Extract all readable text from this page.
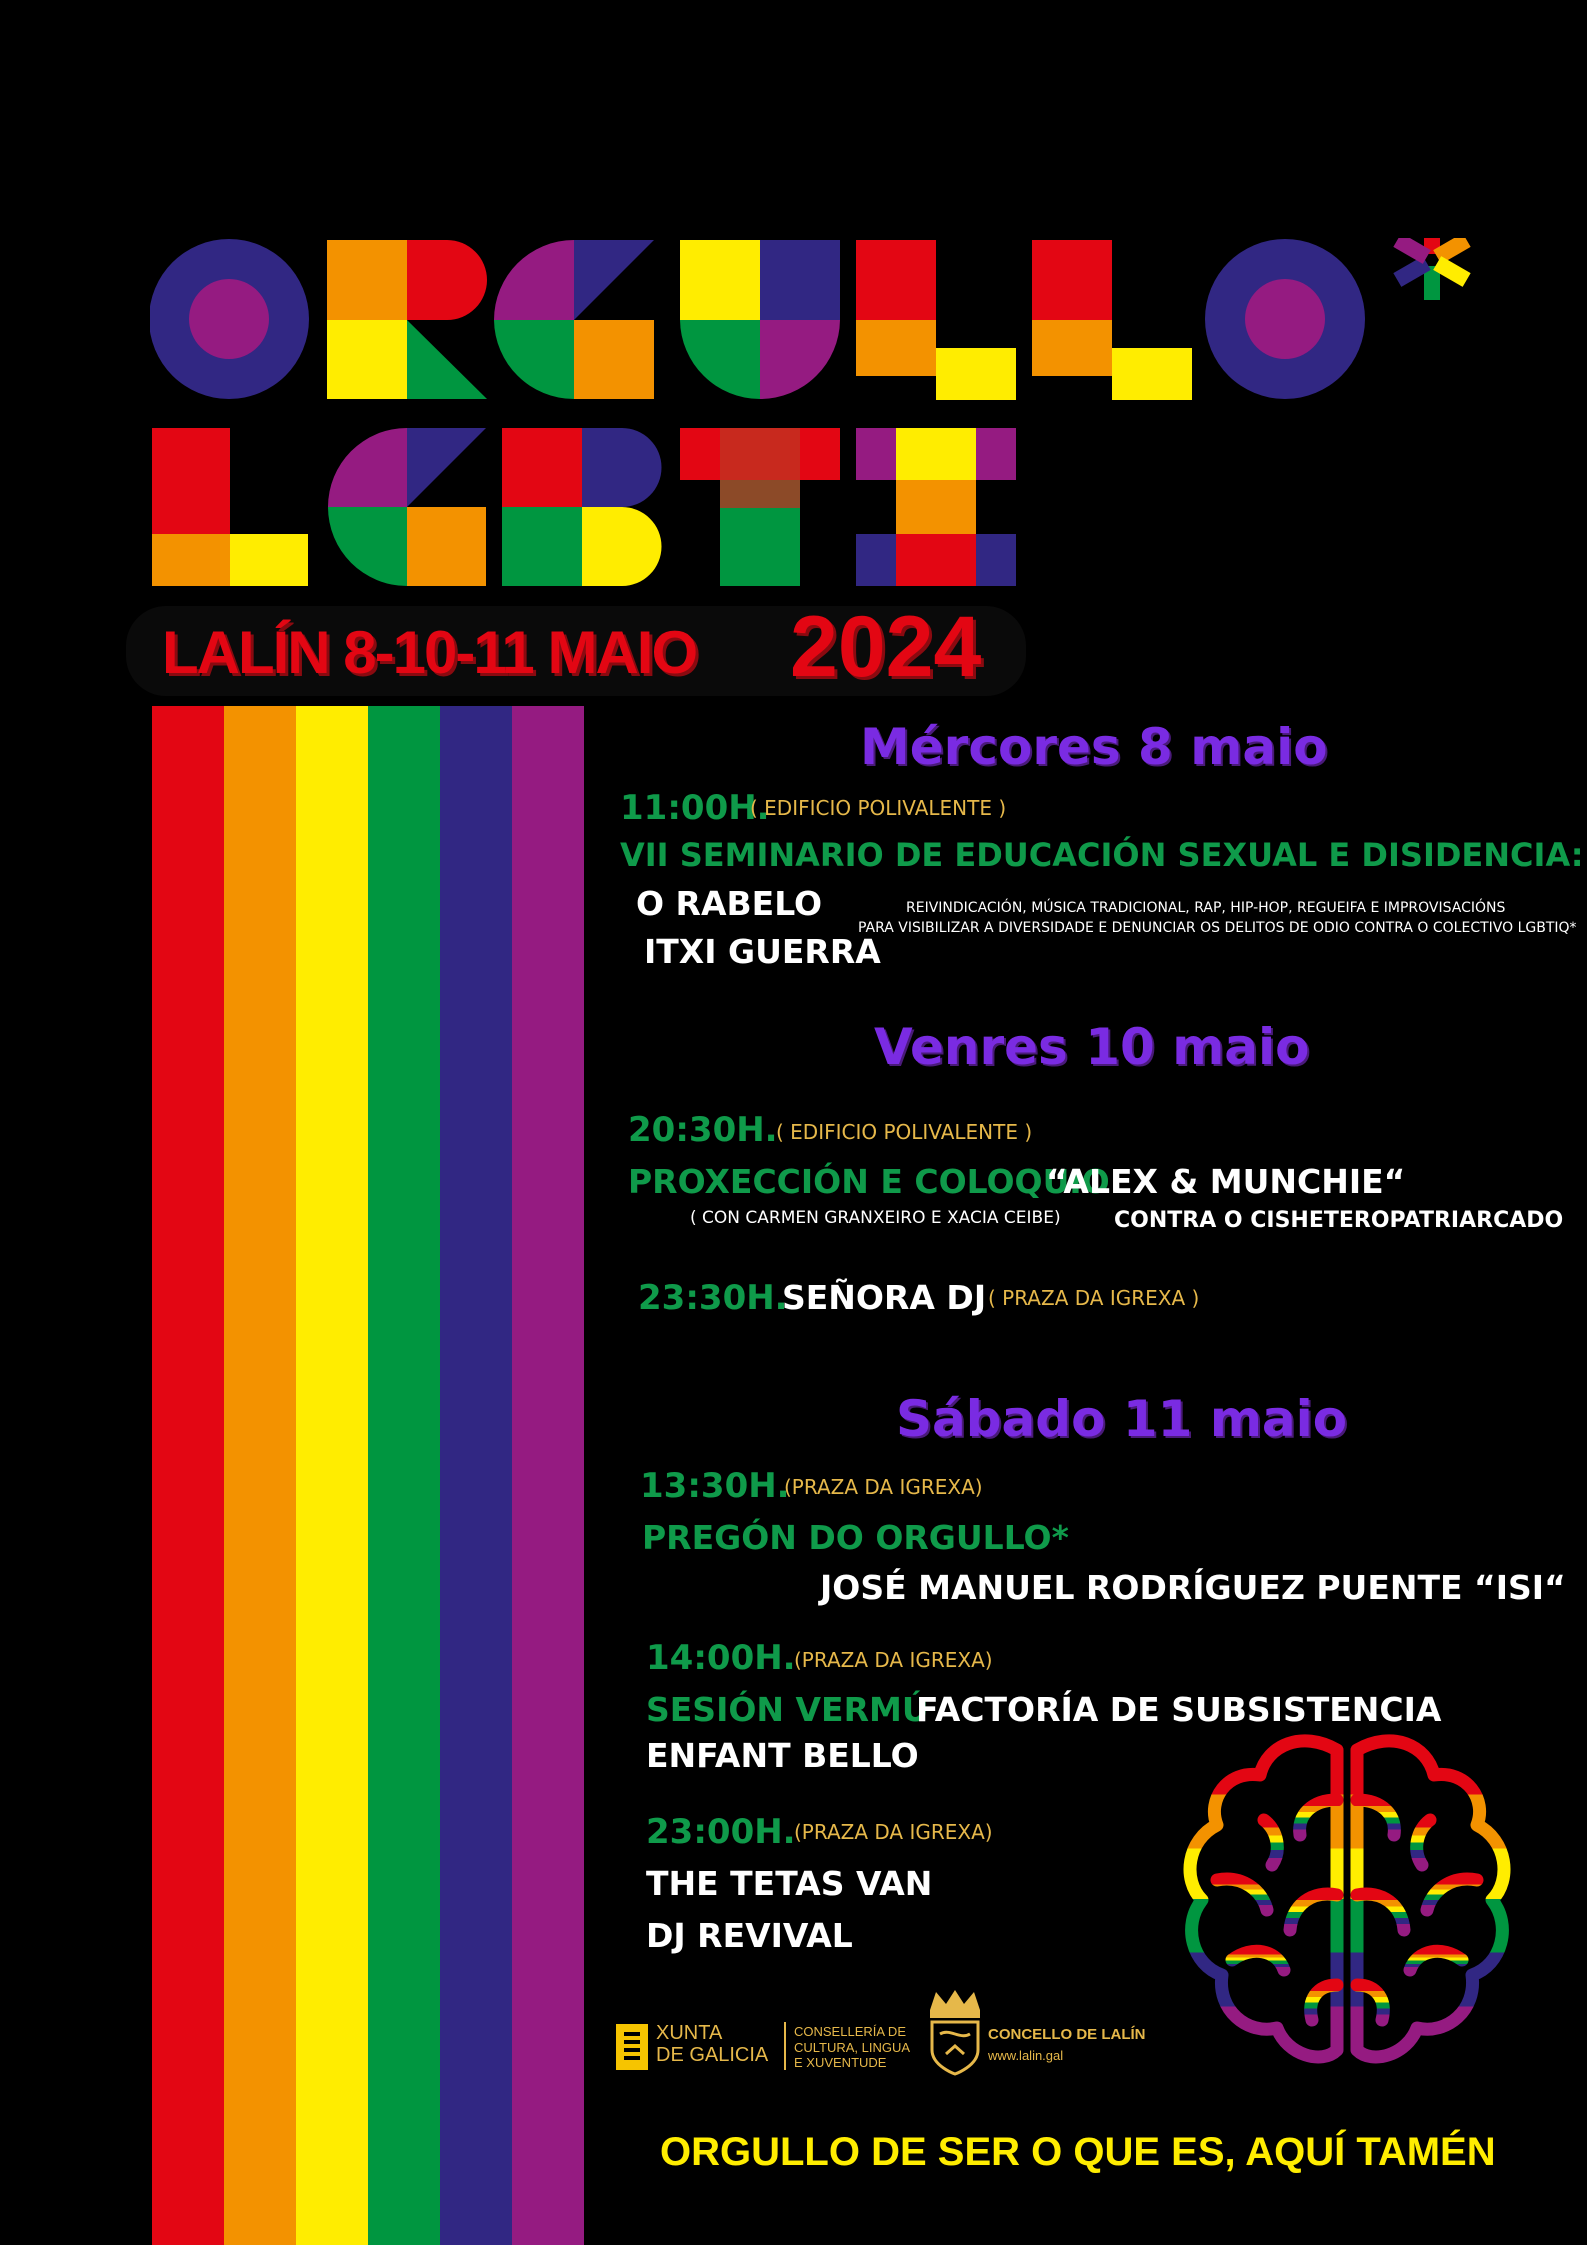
LALÍN 8-10-11 MAIO 2024
Mércores 8 maio
11:00H.
( EDIFICIO POLIVALENTE )
VII SEMINARIO DE EDUCACIÓN SEXUAL E DISIDENCIA:
O RABELO
ITXI GUERRA
REIVINDICACIÓN, MÚSICA TRADICIONAL, RAP, HIP-HOP, REGUEIFA E IMPROVISACIÓNS
PARA VISIBILIZAR A DIVERSIDADE E DENUNCIAR OS DELITOS DE ODIO CONTRA O COLECTIVO LGBTIQ*
Venres 10 maio
20:30H.
( EDIFICIO POLIVALENTE )
PROXECCIÓN E COLOQUIO
“ALEX & MUNCHIE“
( CON CARMEN GRANXEIRO E XACIA CEIBE) CONTRA O CISHETEROPATRIARCADO
23:30H.
SEÑORA DJ ( PRAZA DA IGREXA )
Sábado 11 maio
13:30H.
(PRAZA DA IGREXA)
PREGÓN DO ORGULLO*
JOSÉ MANUEL RODRÍGUEZ PUENTE “ISI“
14:00H.
(PRAZA DA IGREXA)
SESIÓN VERMÚ
FACTORÍA DE SUBSISTENCIA
ENFANT BELLO
23:00H.
(PRAZA DA IGREXA)
THE TETAS VAN
DJ REVIVAL
XUNTA
DE GALICIA
CONSELLERÍA DE
CULTURA, LINGUA
E XUVENTUDE
CONCELLO DE LALÍN
www.lalin.gal
ORGULLO DE SER O QUE ES, AQUÍ TAMÉN
